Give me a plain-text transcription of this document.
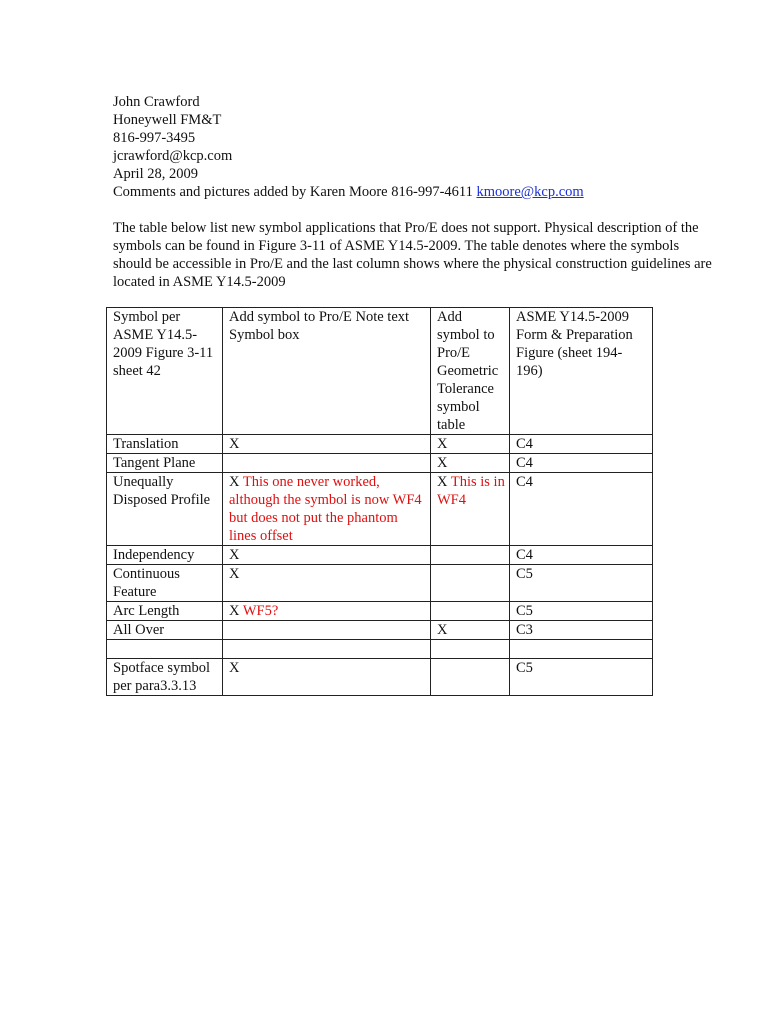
John Crawford
Honeywell FM&T
816-997-3495
jcrawford@kcp.com
April 28, 2009
Comments and pictures added by Karen Moore 816-997-4611 kmoore@kcp.com
The table below list new symbol applications that Pro/E does not support. Physical description of the symbols can be found in Figure 3-11 of ASME Y14.5-2009. The table denotes where the symbols should be accessible in Pro/E and the last column shows where the physical construction guidelines are located in ASME Y14.5-2009
Symbol per ASME Y14.5-2009 Figure 3-11 sheet 42	Add symbol to Pro/E Note text Symbol box	Add symbol to Pro/E Geometric Tolerance symbol table	ASME Y14.5-2009 Form & Preparation Figure (sheet 194-196)
Translation	X	X	C4
Tangent Plane		X	C4
Unequally Disposed Profile	X This one never worked, although the symbol is now WF4 but does not put the phantom lines offset	X This is in WF4	C4
Independency	X		C4
Continuous Feature	X		C5
Arc Length	X WF5?		C5
All Over		X	C3

Spotface symbol per para3.3.13	X		C5
